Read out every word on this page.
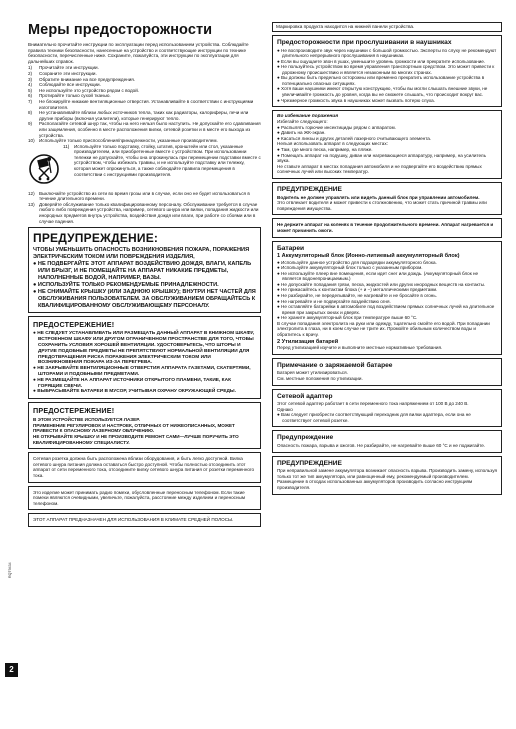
Меры предосторожности

Внимательно прочитайте инструкции по эксплуатации перед использованием устройства. Соблюдайте правила техники безопасности, нанесенные на устройство и соответствующие инструкции по технике безопасности, перечисленные ниже. Сохраните, пожалуйста, эти инструкции по эксплуатации для дальнейших справок.

1)	Прочитайте эти инструкции.
2)	Сохраните эти инструкции.
3)	Обратите внимание на все предупреждения.
4)	Соблюдайте все инструкции.
5)	Не используйте это устройство рядом с водой.
6)	Протирайте только сухой тканью.
7)	Не блокируйте никакие вентиляционные отверстия. Устанавливайте в соответствии с инструкциями изготовителя.
8)	Не устанавливайте вблизи любых источников тепла, таких как радиаторы, калориферы, печи или другие приборы (включая усилители), которые генерируют тепло.
9)	Располагайте сетевой шнур так, чтобы на него нельзя было наступить. Не допускайте его сдавливания или защемления, особенно в месте расположения вилки, сетевой розетки и в месте его выхода из устройства.
10) Используйте только приспособления/принадлежности, указанные производителем.
11)	Используйте только подставку, стойку, штатив, кронштейн или стол, указанные производителем, или приобретенные вместе с устройством. При использовании тележки не допускайте, чтобы она опрокинулась при перемещении подставки вместе с устройством, чтобы избежать травмы, и не используйте подставку или тележку, которая может опрокинуться, а также соблюдайте правила перемещения в соответствии с инструкциями производителя.
12) Выключайте устройство из сети во время грозы или в случае, если оно не будет использоваться в течение длительного времени.
13) Доверяйте обслуживание только квалифицированному персоналу. Обслуживание требуется в случае любого либо повреждения устройства, например, сетевого шнура или вилки, попадания жидкости или инородных предметов внутрь устройства, воздействия дождя или влаги, при работе со сбоями или в случае падения.
ПРЕДУПРЕЖДЕНИЕ:

ЧТОБЫ УМЕНЬШИТЬ ОПАСНОСТЬ ВОЗНИКНОВЕНИЯ ПОЖАРА, ПОРАЖЕНИЯ ЭЛЕКТРИЧЕСКИМ ТОКОМ ИЛИ ПОВРЕЖДЕНИЯ ИЗДЕЛИЯ,

● НЕ ПОДВЕРГАЙТЕ ЭТОТ АППАРАТ ВОЗДЕЙСТВИЮ ДОЖДЯ, ВЛАГИ, КАПЕЛЬ ИЛИ БРЫЗГ, И НЕ ПОМЕЩАЙТЕ НА АППАРАТ НИКАКИЕ ПРЕДМЕТЫ, НАПОЛНЕННЫЕ ВОДОЙ, НАПРИМЕР, ВАЗЫ.
● ИСПОЛЬЗУЙТЕ ТОЛЬКО РЕКОМЕНДУЕМЫЕ ПРИНАДЛЕЖНОСТИ.
● НЕ СНИМАЙТЕ КРЫШКУ (ИЛИ ЗАДНЮЮ КРЫШКУ); ВНУТРИ НЕТ ЧАСТЕЙ ДЛЯ ОБСЛУЖИВАНИЯ ПОЛЬЗОВАТЕЛЕМ. ЗА ОБСЛУЖИВАНИЕМ ОБРАЩАЙТЕСЬ К КВАЛИФИЦИРОВАННОМУ ОБСЛУЖИВАЮЩЕМУ ПЕРСОНАЛУ.
ПРЕДОСТЕРЕЖЕНИЕ!
● НЕ СЛЕДУЕТ УСТАНАВЛИВАТЬ ИЛИ РАЗМЕЩАТЬ ДАННЫЙ АППАРАТ В КНИЖНОМ ШКАФУ, ВСТРОЕННОМ ШКАФУ ИЛИ ДРУГОМ ОГРАНИЧЕННОМ ПРОСТРАНСТВЕ ДЛЯ ТОГО, ЧТОБЫ СОХРАНИТЬ УСЛОВИЯ ХОРОШЕЙ ВЕНТИЛЯЦИИ. УДОСТОВЕРЬТЕСЬ, ЧТО ШТОРЫ И ДРУГИЕ ПОДОБНЫЕ ПРЕДМЕТЫ НЕ ПРЕПЯТСТВУЮТ НОРМАЛЬНОЙ ВЕНТИЛЯЦИИ ДЛЯ ПРЕДОТВРАЩЕНИЯ РИСКА ПОРАЖЕНИЯ ЭЛЕКТРИЧЕСКИМ ТОКОМ ИЛИ ВОЗНИКНОВЕНИЯ ПОЖАРА ИЗ-ЗА ПЕРЕГРЕВА.
● НЕ ЗАКРЫВАЙТЕ ВЕНТИЛЯЦИОННЫЕ ОТВЕРСТИЯ АППАРАТА ГАЗЕТАМИ, СКАТЕРТЯМИ, ШТОРАМИ И ПОДОБНЫМИ ПРЕДМЕТАМИ.
● НЕ РАЗМЕЩАЙТЕ НА АППАРАТ ИСТОЧНИКИ ОТКРЫТОГО ПЛАМЕНИ, ТАКИЕ, КАК ГОРЯЩИЕ СВЕЧИ.
● ВЫБРАСЫВАЙТЕ БАТАРЕИ В МУСОР, УЧИТЫВАЯ ОХРАНУ ОКРУЖАЮЩЕЙ СРЕДЫ.
ПРЕДОСТЕРЕЖЕНИЕ!

В ЭТОМ УСТРОЙСТВЕ ИСПОЛЬЗУЕТСЯ ЛАЗЕР.

ПРИМЕНЕНИЕ РЕГУЛИРОВОК И НАСТРОЕК, ОТЛИЧНЫХ ОТ НИЖЕОПИСАННЫХ, МОЖЕТ ПРИВЕСТИ К ОПАСНОМУ ЛАЗЕРНОМУ ОБЛУЧЕНИЮ.

НЕ ОТКРЫВАЙТЕ КРЫШКУ И НЕ ПРОИЗВОДИТЕ РЕМОНТ САМИ—ЛУЧШЕ ПОРУЧИТЬ ЭТО КВАЛИФИЦИРОВАННОМУ СПЕЦИАЛИСТУ.

Сетевая розетка должна быть расположена вблизи оборудования, и быть легко доступной. Вилка сетевого шнура питания должна оставаться быстро доступной. Чтобы полностью отсоединить этот аппарат от сети переменного тока, отсоедините вилку сетевого шнура питания от розетки переменного тока.

Это изделие может принимать радио помехи, обусловленные переносным телефоном. Если такие помехи являются очевидными, увеличьте, пожалуйста, расстояние между изделием и переносным телефоном.

ЭТОТ АППАРАТ ПРЕДНАЗНАЧЕН ДЛЯ ИСПОЛЬЗОВАНИЯ В КЛИМАТЕ СРЕДНЕЙ ПОЛОСЫ.

2
RQT9434
Маркировка продукта находится на нижней панели устройства.
Предосторожности при прослушивании в наушниках
● Не воспроизводите звук через наушники с большой громкостью. Эксперты по слуху не рекомендуют длительного непрерывного прослушивания в наушниках.
● Если вы ощущаете звон в ушах, уменьшите уровень громкости или прекратите использование.
● Не пользуйтесь устройством во время управления транспортным средством. Это может привести к дорожному происшествию и является незаконным во многих странах.
● Вы должны быть предельно осторожны или временно прекратить использование устройства в потенциально опасных ситуациях.
● Хотя ваши наушники имеют открытую конструкцию, чтобы вы могли слышать внешние звуки, не увеличивайте громкость до уровня, когда вы не сможете слышать, что происходит вокруг вас.
● Чрезмерное громкость звука в наушниках может вызвать потерю слуха.

Во избежание поражения

Избегайте следующего:

● Распылять горючие инсектициды рядом с аппаратом.

● Давить на ЖК-экран.

● Касаться линзы и других деталей лазерного считывающего элемента.

Нельзя использовать аппарат в следующих местах:

● Там, где много песка, например, на пляже.

● Помещать аппарат на подушку, диван или нагревающиеся аппаратуру, например, на усилитель звука.

Не ставьте аппарат в местах попадания автомобиля и не подвергайте его воздействию прямых солнечных лучей или высоких температур.

ПРЕДУПРЕЖДЕНИЕ

Водитель не должен управлять или видеть данный блок при управлении автомобилем.

Это отвлекает водителя и может привести к столкновению, что может стать причиной травмы или повреждения имущества.

Не держите аппарат на коленях в течение продолжительного времени. Аппарат нагревается и может причинить ожоги.

Батареи

1 Аккумуляторный блок (Ионно-литиевый аккумуляторный блок)

● Используйте данное устройство для подзарядки аккумуляторного блока.
● Используйте аккумуляторный блок только с указанным прибором.
● Не используйте плеер вне помещения, если идет снег или дождь. (Аккумуляторный блок не является водонепроницаемым.)
● Не допускайте попадания грязи, песка, жидкостей или других инородных веществ на контакты.
● Не прикасайтесь к контактам блока (+ и −) металлическими предметами.
● Не разбирайте, не переделывайте, не нагревайте и не бросайте в огонь.
● Не нагревайте и не подвергайте воздействию огня.
● Не оставляйте батарейки в автомобиле под воздействием прямых солнечных лучей на длительное время при закрытых окнах и дверях.
● Не храните аккумуляторный блок при температуре выше 60 °C.

В случае попадания электролита на руки или одежду, тщательно смойте его водой. При попадании электролита в глаза, ни в коем случае не трите их. Промойте обильным количеством воды и обратитесь к врачу.

2 Утилизация батарей

Перед утилизацией изучите и выполните местные нормативные требования.

Примечание о заряжаемой батарее

Батарея может утилизироваться.

См. местные положения по утилизации.

Сетевой адаптер

Этот сетевой адаптер работает в сети переменного тока напряжением от 100 В до 240 В.

Однако

● Вам следует приобрести соответствующий переходник для вилки адаптера, если она не соответствует сетевой розетке.
Предупреждение

Опасность пожара, взрыва и ожогов. Не разбирайте, не нагревайте выше 60 °C и не поджигайте.

ПРЕДУПРЕЖДЕНИЕ

При неправильной замене аккумулятора возникает опасность взрыва. Производить замену, используя только тот же тип аккумулятора, или равноценный ему, рекомендуемый производителем. Размещение в отходах использованных аккумуляторов производить согласно инструкциям производителя.
